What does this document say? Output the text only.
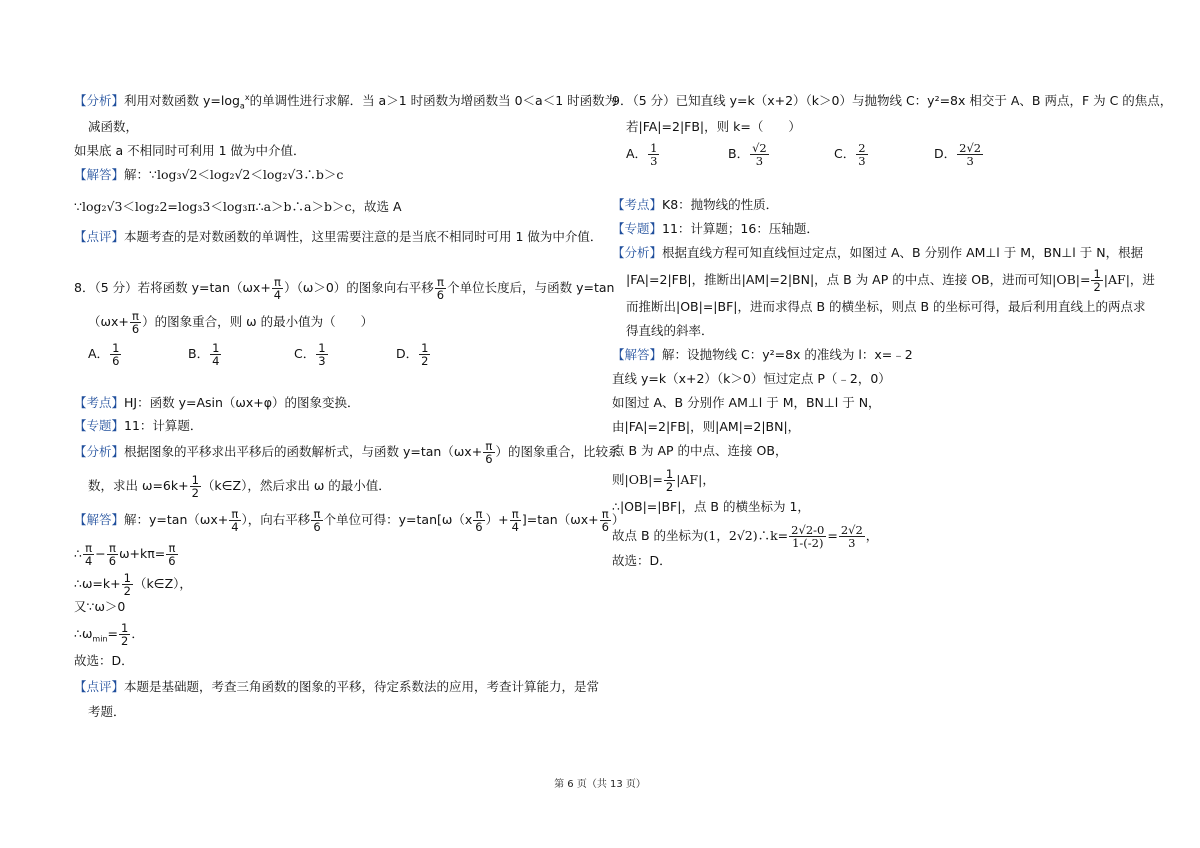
【分析】利用对数函数 $y=\log_a^x$的单调性进行求解．当 a＞1 时函数为增函数当 0＜a＜1 时函数为
减函数，
如果底 a 不相同时可利用 1 做为中介值．
【解答】解：∵log₃√2＜log₂√2＜log₂√3∴b＞c
∵log₂√3＜log₂2=log₃3＜log₃π∴a＞b∴a＞b＞c，故选 A
【点评】本题考查的是对数函数的单调性，这里需要注意的是当底不相同时可用 1 做为中介值．
8．（5 分）若将函数 $y=\tan(\omega x+ \frac{\pi}{4} )(\omega>0)$的图象向右平移 $\frac{\pi}{6}$ 个单位长度后，与函数 y=tan
（$\omega x+ \frac{\pi}{6}$ ）的图象重合，则 ω 的最小值为（　　）
A． $\frac{1}{6}$	B． $\frac{1}{4}$	C． $\frac{1}{3}$	D． $\frac{1}{2}$
【考点】HJ：函数 y=Asin（ωx+φ）的图象变换．
【专题】11：计算题．
【分析】根据图象的平移求出平移后的函数解析式，与函数 $y=\tan(\omega x+ \frac{\pi}{6}$ ）的图象重合，比较系
数，求出 $\omega=6k+ \frac{1}{2}$ （k∈Z），然后求出 ω 的最小值．
【解答】解：$y=\tan(\omega x+ \frac{\pi}{4}$ ），向右平移 $\frac{\pi}{6}$ 个单位可得：$y=\tan[\omega(x \frac{\pi}{6}$ ）+ $\frac{\pi}{4} ]=\tan(\omega x+ \frac{\pi}{6}$ ）
∴ $\frac{\pi}{4} - \frac{\pi}{6} \omega+k\pi= \frac{\pi}{6}$
∴ω=k+ $\frac{1}{2}$ （k∈Z），
又∵ω＞0
$\therefore\omega_{min}= \frac{1}{2}$ ．
故选：D．
【点评】本题是基础题，考查三角函数的图象的平移，待定系数法的应用，考查计算能力，是常
考题．
9．（5 分）已知直线 y=k（x+2）（k＞0）与抛物线 C：y²=8x 相交于 A、B 两点，F 为 C 的焦点，
若|FA|=2|FB|，则 k=（　　）
A． $\frac{1}{3}$	B． $\frac{√2}{3}$	C． $\frac{2}{3}$	D． $\frac{2√2}{3}$
【考点】K8：抛物线的性质．
【专题】11：计算题；16：压轴题．
【分析】根据直线方程可知直线恒过定点，如图过 A、B 分别作 AM⊥l 于 M，BN⊥l 于 N，根据
|FA|=2|FB|，推断出|AM|=2|BN|，点 B 为 AP 的中点、连接 OB，进而可知$|OB|= \frac{1}{2} |AF|$，进
而推断出|OB|=|BF|，进而求得点 B 的横坐标，则点 B 的坐标可得，最后利用直线上的两点求
得直线的斜率．
【解答】解：设抛物线 C：y²=8x 的准线为 l：x=﹣2
直线 y=k（x+2）（k＞0）恒过定点 P（﹣2，0）
如图过 A、B 分别作 AM⊥l 于 M，BN⊥l 于 N，
由|FA|=2|FB|，则|AM|=2|BN|，
点 B 为 AP 的中点、连接 OB，
则$|OB|= \frac{1}{2} |AF|$，
∴|OB|=|BF|，点 B 的横坐标为 1，
故点 B 的坐标为(1，2√2)∴k= $\frac{2√2-0}{1-(-2)} = \frac{2√2}{3}$ ，
故选：D．
第 6 页（共 13 页）
